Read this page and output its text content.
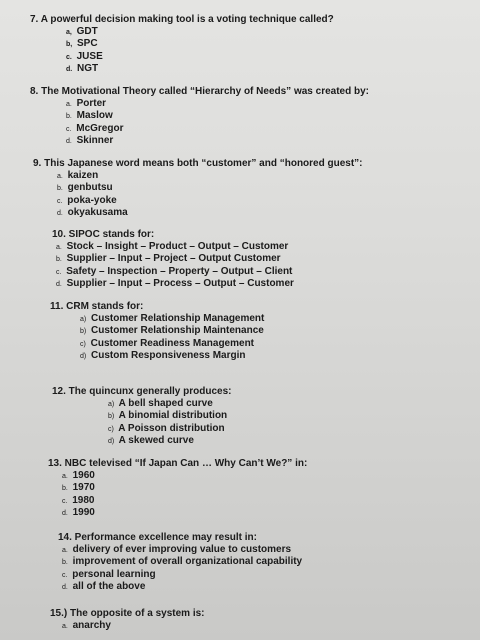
7. A powerful decision making tool is a voting technique called?
a, GDT
b, SPC
c. JUSE
d. NGT
8. The Motivational Theory called “Hierarchy of Needs” was created by:
a. Porter
b. Maslow
c. McGregor
d. Skinner
9. This Japanese word means both “customer” and “honored guest”:
a. kaizen
b. genbutsu
c. poka-yoke
d. okyakusama
10. SIPOC stands for:
a. Stock – Insight – Product – Output – Customer
b. Supplier – Input – Project – Output Customer
c. Safety – Inspection – Property – Output – Client
d. Supplier – Input – Process – Output – Customer
11. CRM stands for:
a) Customer Relationship Management
b) Customer Relationship Maintenance
c) Customer Readiness Management
d) Custom Responsiveness Margin
12. The quincunx generally produces:
a) A bell shaped curve
b) A binomial distribution
c) A Poisson distribution
d) A skewed curve
13. NBC televised “If Japan Can … Why Can’t We?” in:
a. 1960
b. 1970
c. 1980
d. 1990
14. Performance excellence may result in:
a. delivery of ever improving value to customers
b. improvement of overall organizational capability
c. personal learning
d. all of the above
15.) The opposite of a system is:
a. anarchy
